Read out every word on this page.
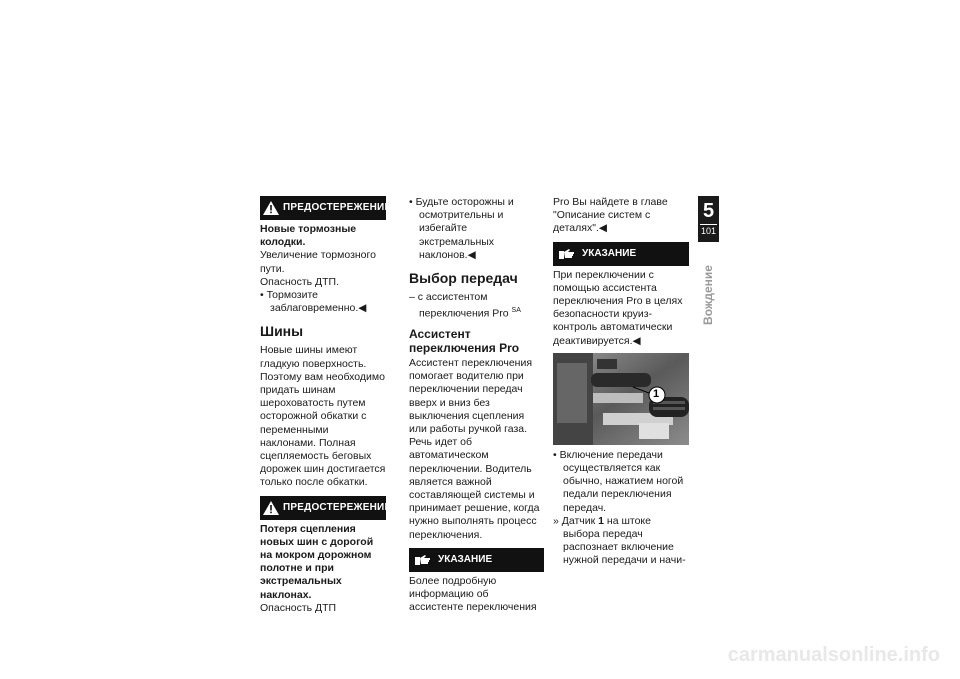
ПРЕДОСТЕРЕЖЕНИЕ

Новые тормозные колодки.

Увеличение тормозного пути.

Опасность ДТП.

• Тормозите

заблаговременно.◀

Шины

Новые шины имеют гладкую поверхность. Поэтому вам необходимо придать шинам шероховатость путем осторожной обкатки с переменными наклонами. Полная сцепляемость беговых дорожек шин достигается только после обкатки.

ПРЕДОСТЕРЕЖЕНИЕ

Потеря сцепления новых шин с дорогой на мокром дорожном полотне и при экстремальных наклонах.

Опасность ДТП

• Будьте осторожны и осмотрительны и избегайте экстремальных наклонов.◀

Выбор передач

– с ассистентом переключения Pro $^{SA}$

Ассистент переключения Pro

Ассистент переключения помогает водителю при переключении передач вверх и вниз без выключения сцепления или работы ручкой газа. Речь идет об автоматическом переключении. Водитель является важной составляющей системы и принимает решение, когда нужно выполнять процесс переключения.

УКАЗАНИЕ

Более подробную информацию об ассистенте переключения

Pro Вы найдете в главе "Описание систем с деталях".◀

УКАЗАНИЕ

При переключении с помощью ассистента переключения Pro в целях безопасности круиз-контроль автоматически деактивируется.◀

1

• Включение передачи осуществляется как обычно, нажатием ногой педали переключения передач.

» Датчик 1 на штоке выбора передач распознает включение нужной передачи и начи-

5
101
Вождение
carmanualsonline.info
